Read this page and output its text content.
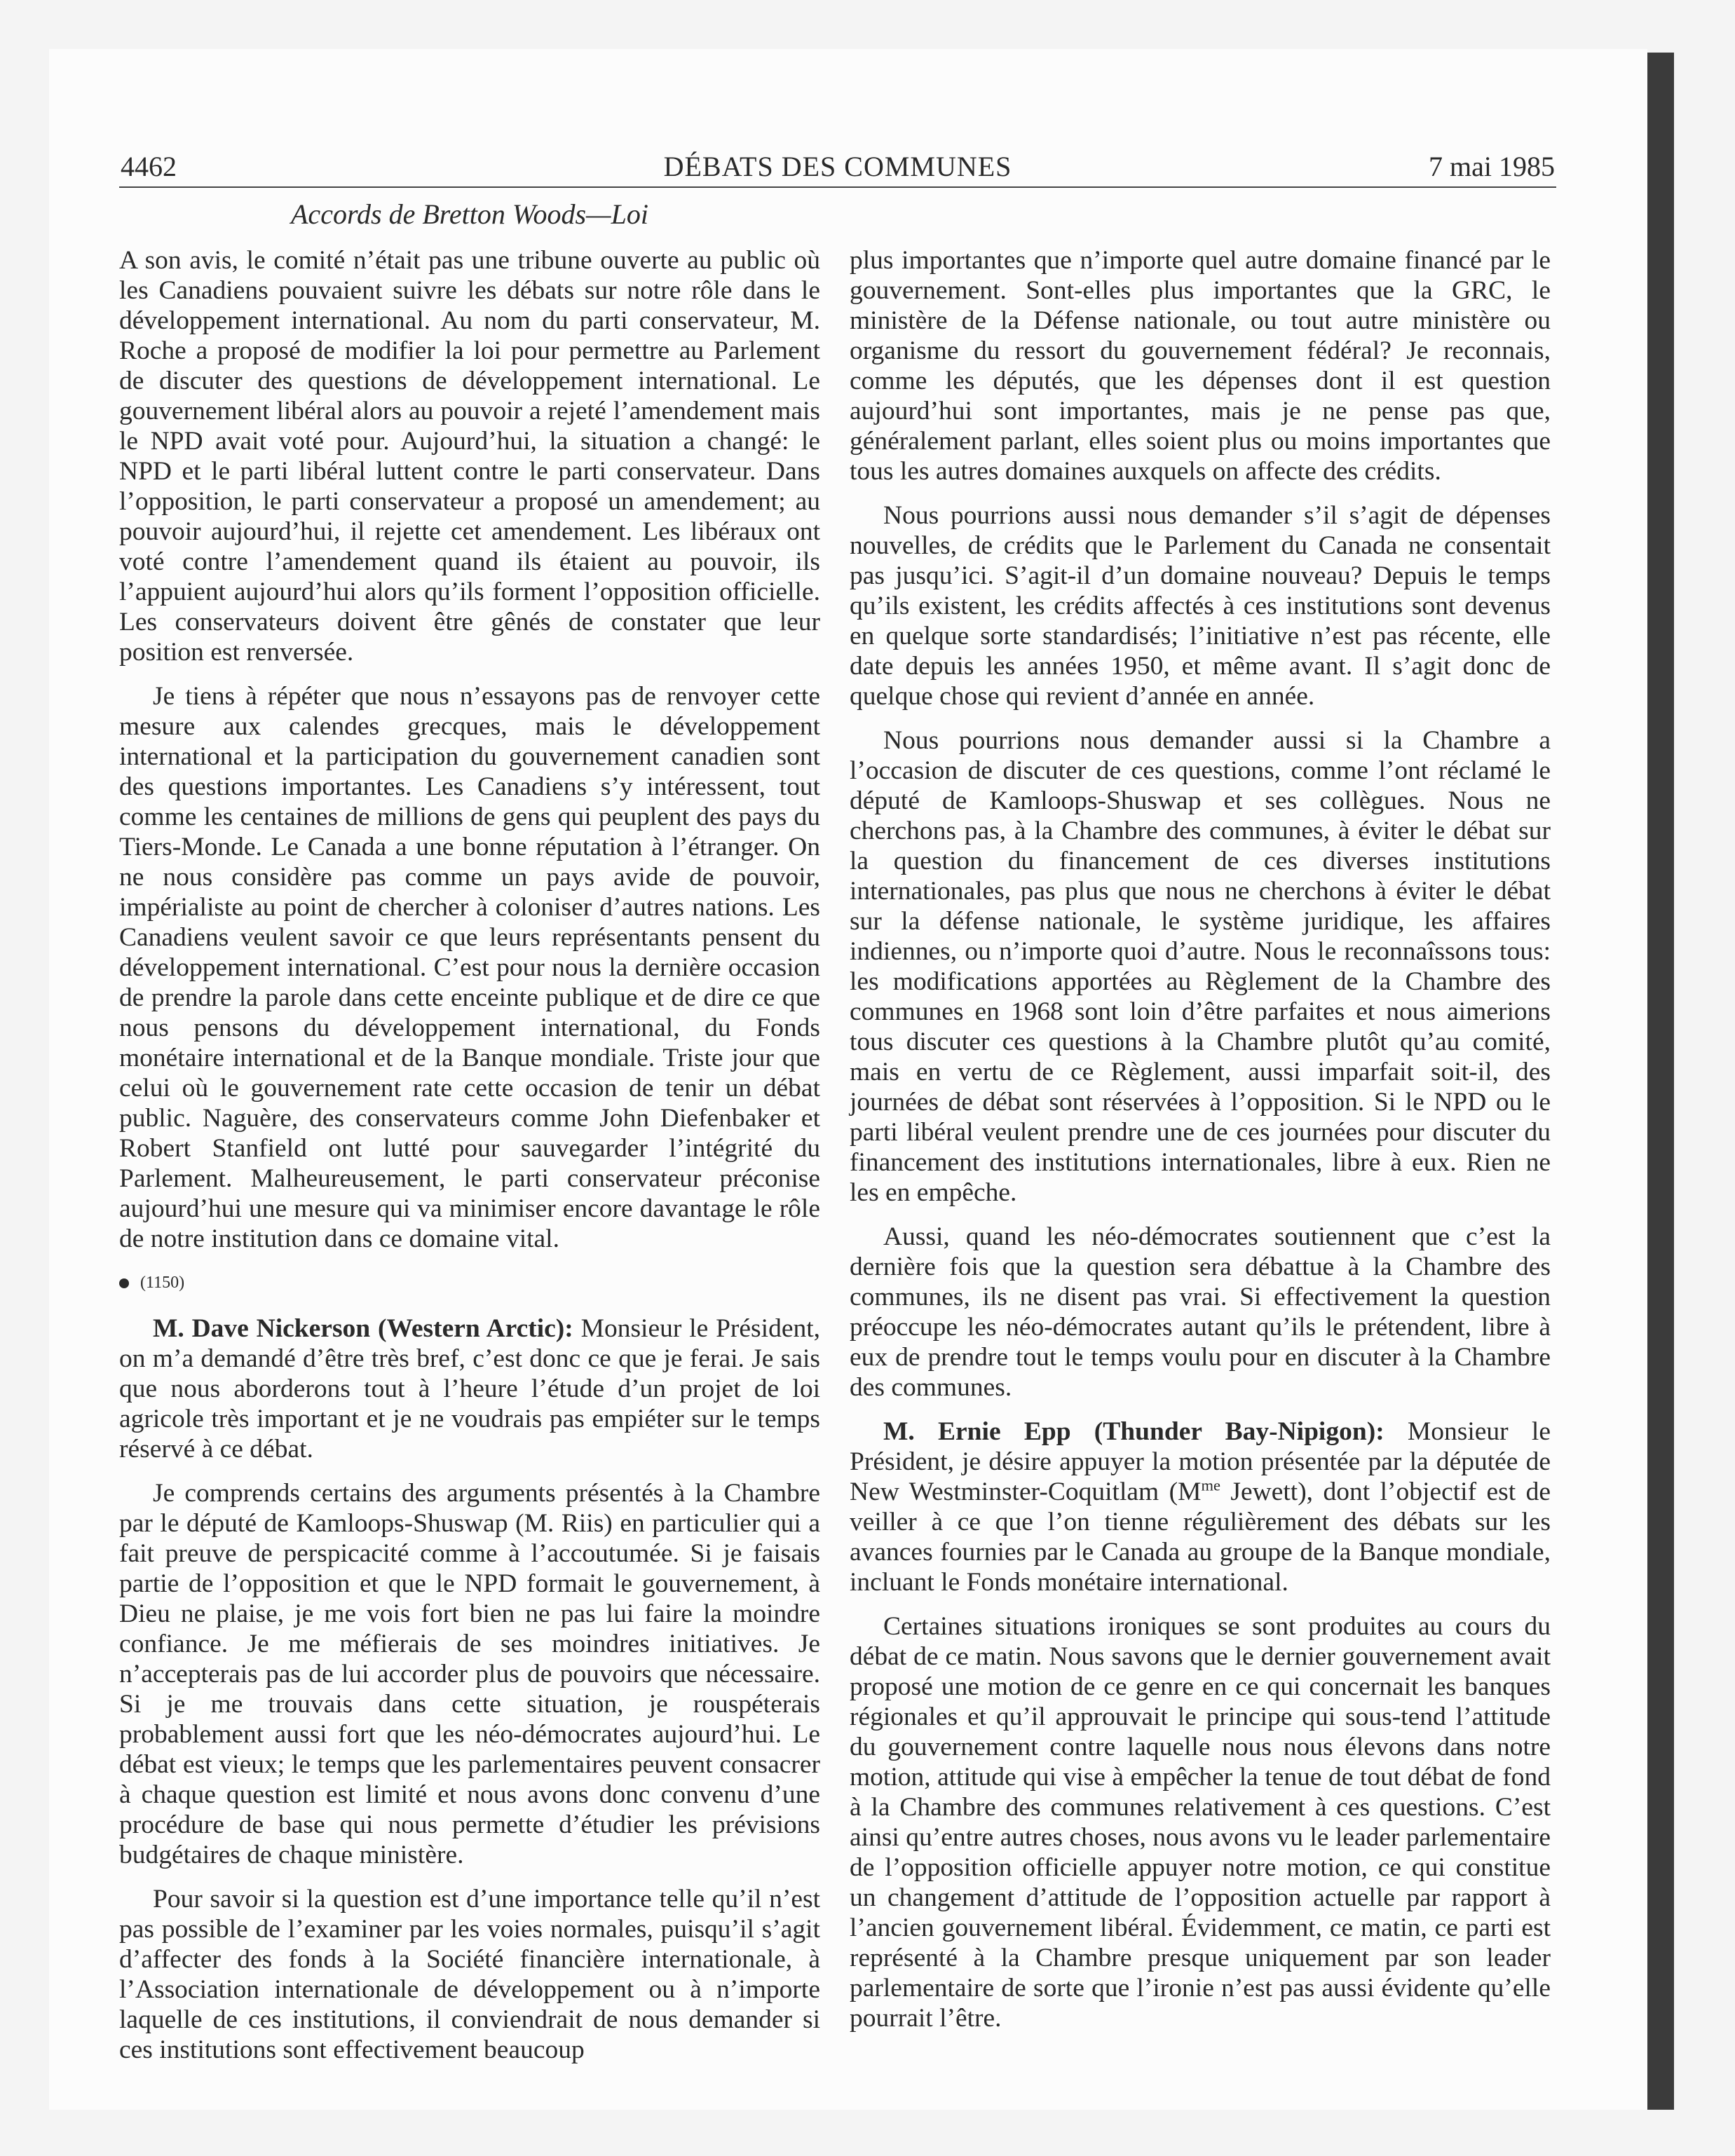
4462	DÉBATS DES COMMUNES	7 mai 1985
Accords de Bretton Woods—Loi

A son avis, le comité n’était pas une tribune ouverte au public où les Canadiens pouvaient suivre les débats sur notre rôle dans le développement international. Au nom du parti conservateur, M. Roche a proposé de modifier la loi pour permettre au Parlement de discuter des questions de développement international. Le gouvernement libéral alors au pouvoir a rejeté l’amendement mais le NPD avait voté pour. Aujourd’hui, la situation a changé: le NPD et le parti libéral luttent contre le parti conservateur. Dans l’opposition, le parti conservateur a proposé un amendement; au pouvoir aujourd’hui, il rejette cet amendement. Les libéraux ont voté contre l’amendement quand ils étaient au pouvoir, ils l’appuient aujourd’hui alors qu’ils forment l’opposition officielle. Les conservateurs doivent être gênés de constater que leur position est renversée.

Je tiens à répéter que nous n’essayons pas de renvoyer cette mesure aux calendes grecques, mais le développement international et la participation du gouvernement canadien sont des questions importantes. Les Canadiens s’y intéressent, tout comme les centaines de millions de gens qui peuplent des pays du Tiers-Monde. Le Canada a une bonne réputation à l’étranger. On ne nous considère pas comme un pays avide de pouvoir, impérialiste au point de chercher à coloniser d’autres nations. Les Canadiens veulent savoir ce que leurs représentants pensent du développement international. C’est pour nous la dernière occasion de prendre la parole dans cette enceinte publique et de dire ce que nous pensons du développement international, du Fonds monétaire international et de la Banque mondiale. Triste jour que celui où le gouvernement rate cette occasion de tenir un débat public. Naguère, des conservateurs comme John Diefenbaker et Robert Stanfield ont lutté pour sauvegarder l’intégrité du Parlement. Malheureusement, le parti conservateur préconise aujourd’hui une mesure qui va minimiser encore davantage le rôle de notre institution dans ce domaine vital.

(1150)

M. Dave Nickerson (Western Arctic): Monsieur le Président, on m’a demandé d’être très bref, c’est donc ce que je ferai. Je sais que nous aborderons tout à l’heure l’étude d’un projet de loi agricole très important et je ne voudrais pas empiéter sur le temps réservé à ce débat.

Je comprends certains des arguments présentés à la Chambre par le député de Kamloops-Shuswap (M. Riis) en particulier qui a fait preuve de perspicacité comme à l’accoutumée. Si je faisais partie de l’opposition et que le NPD formait le gouvernement, à Dieu ne plaise, je me vois fort bien ne pas lui faire la moindre confiance. Je me méfierais de ses moindres initiatives. Je n’accepterais pas de lui accorder plus de pouvoirs que nécessaire. Si je me trouvais dans cette situation, je rouspéterais probablement aussi fort que les néo-démocrates aujourd’hui. Le débat est vieux; le temps que les parlementaires peuvent consacrer à chaque question est limité et nous avons donc convenu d’une procédure de base qui nous permette d’étudier les prévisions budgétaires de chaque ministère.

Pour savoir si la question est d’une importance telle qu’il n’est pas possible de l’examiner par les voies normales, puisqu’il s’agit d’affecter des fonds à la Société financière internationale, à l’Association internationale de développement ou à n’importe laquelle de ces institutions, il conviendrait de nous demander si ces institutions sont effectivement beaucoup

plus importantes que n’importe quel autre domaine financé par le gouvernement. Sont-elles plus importantes que la GRC, le ministère de la Défense nationale, ou tout autre ministère ou organisme du ressort du gouvernement fédéral? Je reconnais, comme les députés, que les dépenses dont il est question aujourd’hui sont importantes, mais je ne pense pas que, généralement parlant, elles soient plus ou moins importantes que tous les autres domaines auxquels on affecte des crédits.

Nous pourrions aussi nous demander s’il s’agit de dépenses nouvelles, de crédits que le Parlement du Canada ne consentait pas jusqu’ici. S’agit-il d’un domaine nouveau? Depuis le temps qu’ils existent, les crédits affectés à ces institutions sont devenus en quelque sorte standardisés; l’initiative n’est pas récente, elle date depuis les années 1950, et même avant. Il s’agit donc de quelque chose qui revient d’année en année.

Nous pourrions nous demander aussi si la Chambre a l’occasion de discuter de ces questions, comme l’ont réclamé le député de Kamloops-Shuswap et ses collègues. Nous ne cherchons pas, à la Chambre des communes, à éviter le débat sur la question du financement de ces diverses institutions internationales, pas plus que nous ne cherchons à éviter le débat sur la défense nationale, le système juridique, les affaires indiennes, ou n’importe quoi d’autre. Nous le reconnaîssons tous: les modifications apportées au Règlement de la Chambre des communes en 1968 sont loin d’être parfaites et nous aimerions tous discuter ces questions à la Chambre plutôt qu’au comité, mais en vertu de ce Règlement, aussi imparfait soit-il, des journées de débat sont réservées à l’opposition. Si le NPD ou le parti libéral veulent prendre une de ces journées pour discuter du financement des institutions internationales, libre à eux. Rien ne les en empêche.

Aussi, quand les néo-démocrates soutiennent que c’est la dernière fois que la question sera débattue à la Chambre des communes, ils ne disent pas vrai. Si effectivement la question préoccupe les néo-démocrates autant qu’ils le prétendent, libre à eux de prendre tout le temps voulu pour en discuter à la Chambre des communes.

M. Ernie Epp (Thunder Bay-Nipigon): Monsieur le Président, je désire appuyer la motion présentée par la députée de New Westminster-Coquitlam ($M^{me}$ Jewett), dont l’objectif est de veiller à ce que l’on tienne régulièrement des débats sur les avances fournies par le Canada au groupe de la Banque mondiale, incluant le Fonds monétaire international.

Certaines situations ironiques se sont produites au cours du débat de ce matin. Nous savons que le dernier gouvernement avait proposé une motion de ce genre en ce qui concernait les banques régionales et qu’il approuvait le principe qui sous-tend l’attitude du gouvernement contre laquelle nous nous élevons dans notre motion, attitude qui vise à empêcher la tenue de tout débat de fond à la Chambre des communes relativement à ces questions. C’est ainsi qu’entre autres choses, nous avons vu le leader parlementaire de l’opposition officielle appuyer notre motion, ce qui constitue un changement d’attitude de l’opposition actuelle par rapport à l’ancien gouvernement libéral. Évidemment, ce matin, ce parti est représenté à la Chambre presque uniquement par son leader parlementaire de sorte que l’ironie n’est pas aussi évidente qu’elle pourrait l’être.
